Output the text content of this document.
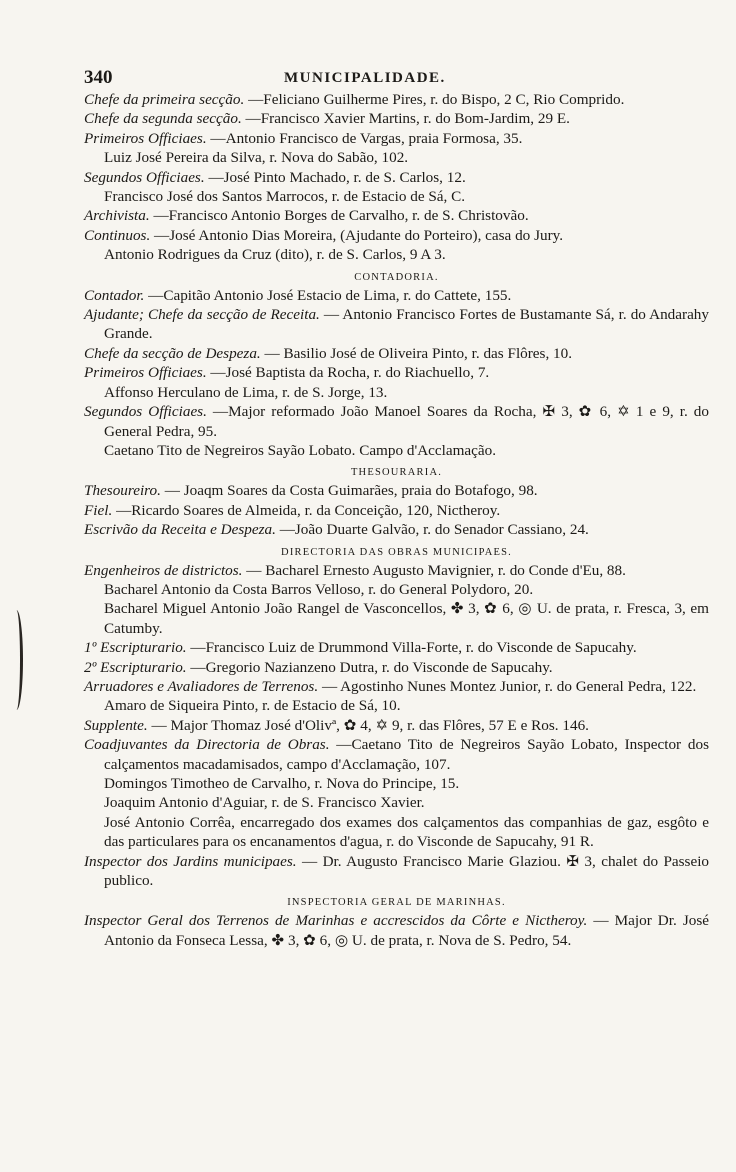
340	MUNICIPALIDADE.

Chefe da primeira secção. —Feliciano Guilherme Pires, r. do Bispo, 2 C, Rio Comprido.

Chefe da segunda secção. —Francisco Xavier Martins, r. do Bom-Jardim, 29 E.

Primeiros Officiaes. —Antonio Francisco de Vargas, praia Formosa, 35.

Luiz José Pereira da Silva, r. Nova do Sabão, 102.

Segundos Officiaes. —José Pinto Machado, r. de S. Carlos, 12.

Francisco José dos Santos Marrocos, r. de Estacio de Sá, C.

Archivista. —Francisco Antonio Borges de Carvalho, r. de S. Christovão.

Continuos. —José Antonio Dias Moreira, (Ajudante do Porteiro), casa do Jury.

Antonio Rodrigues da Cruz (dito), r. de S. Carlos, 9 A 3.

CONTADORIA.

Contador. —Capitão Antonio José Estacio de Lima, r. do Cattete, 155.

Ajudante; Chefe da secção de Receita. — Antonio Francisco Fortes de Bustamante Sá, r. do Andarahy Grande.

Chefe da secção de Despeza. — Basilio José de Oliveira Pinto, r. das Flôres, 10.

Primeiros Officiaes. —José Baptista da Rocha, r. do Riachuello, 7.

Affonso Herculano de Lima, r. de S. Jorge, 13.

Segundos Officiaes. —Major reformado João Manoel Soares da Rocha, ✠ 3, ✿ 6, ✡ 1 e 9, r. do General Pedra, 95.

Caetano Tito de Negreiros Sayão Lobato. Campo d'Acclamação.

THESOURARIA.

Thesoureiro. — Joaqm Soares da Costa Guimarães, praia do Botafogo, 98.

Fiel. —Ricardo Soares de Almeida, r. da Conceição, 120, Nictheroy.

Escrivão da Receita e Despeza. —João Duarte Galvão, r. do Senador Cassiano, 24.

DIRECTORIA DAS OBRAS MUNICIPAES.

Engenheiros de districtos. — Bacharel Ernesto Augusto Mavignier, r. do Conde d'Eu, 88.

Bacharel Antonio da Costa Barros Velloso, r. do General Polydoro, 20.

Bacharel Miguel Antonio João Rangel de Vasconcellos, ✤ 3, ✿ 6, ◎ U. de prata, r. Fresca, 3, em Catumby.

1º Escripturario. —Francisco Luiz de Drummond Villa-Forte, r. do Visconde de Sapucahy.

2º Escripturario. —Gregorio Nazianzeno Dutra, r. do Visconde de Sapucahy.

Arruadores e Avaliadores de Terrenos. — Agostinho Nunes Montez Junior, r. do General Pedra, 122.

Amaro de Siqueira Pinto, r. de Estacio de Sá, 10.

Supplente. — Major Thomaz José d'Olivª, ✿ 4, ✡ 9, r. das Flôres, 57 E e Ros. 146.

Coadjuvantes da Directoria de Obras. —Caetano Tito de Negreiros Sayão Lobato, Inspector dos calçamentos macadamisados, campo d'Acclamação, 107.

Domingos Timotheo de Carvalho, r. Nova do Principe, 15.

Joaquim Antonio d'Aguiar, r. de S. Francisco Xavier.

José Antonio Corrêa, encarregado dos exames dos calçamentos das companhias de gaz, esgôto e das particulares para os encanamentos d'agua, r. do Visconde de Sapucahy, 91 R.

Inspector dos Jardins municipaes. — Dr. Augusto Francisco Marie Glaziou. ✠ 3, chalet do Passeio publico.

INSPECTORIA GERAL DE MARINHAS.

Inspector Geral dos Terrenos de Marinhas e accrescidos da Côrte e Nictheroy. — Major Dr. José Antonio da Fonseca Lessa, ✤ 3, ✿ 6, ◎ U. de prata, r. Nova de S. Pedro, 54.
